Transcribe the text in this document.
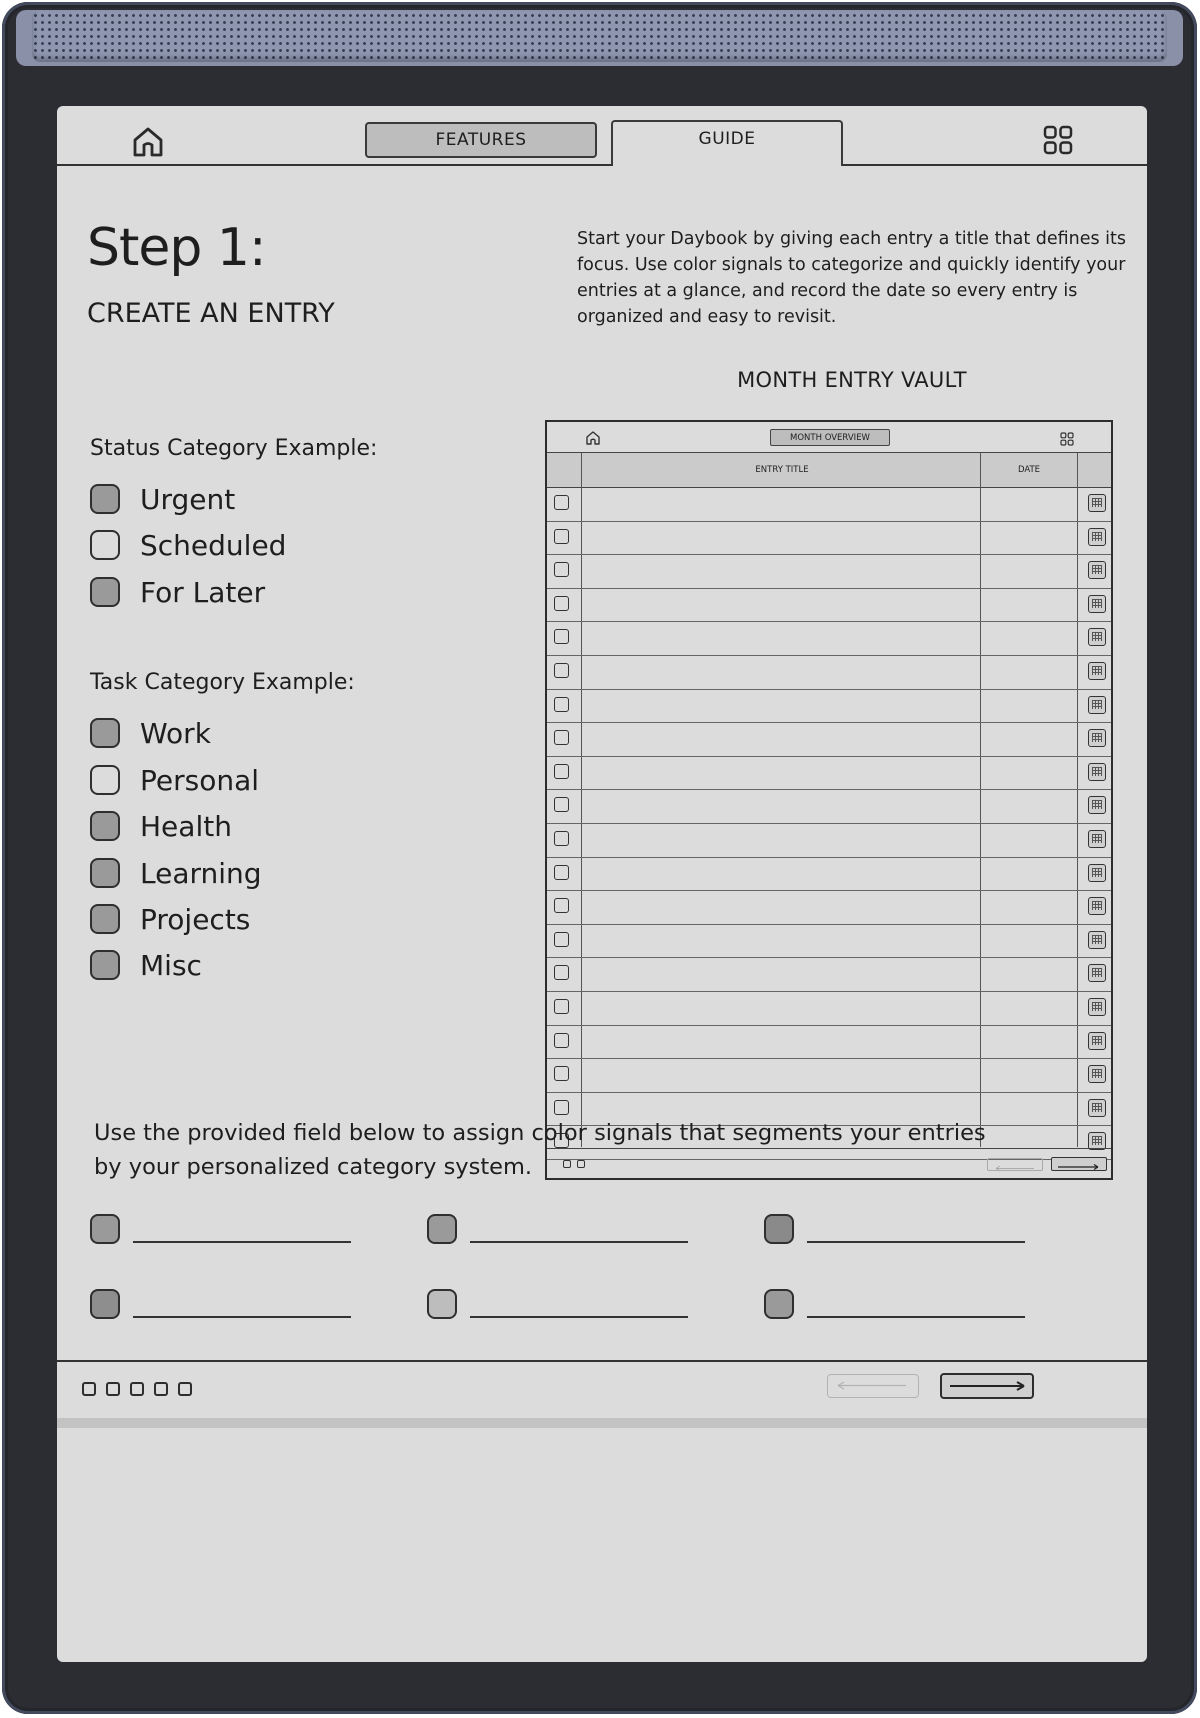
FEATURES	GUIDE
Step 1:
CREATE AN ENTRY

Start your Daybook by giving each entry a title that defines its focus. Use color signals to categorize and quickly identify your entries at a glance, and record the date so every entry is organized and easy to revisit.

MONTH ENTRY VAULT

Status Category Example:

Urgent
Scheduled
For Later

Task Category Example:

Work
Personal
Health
Learning
Projects
Misc
MONTH OVERVIEW
ENTRY TITLE	DATE

Use the provided field below to assign color signals that segments your entries by your personalized category system.
